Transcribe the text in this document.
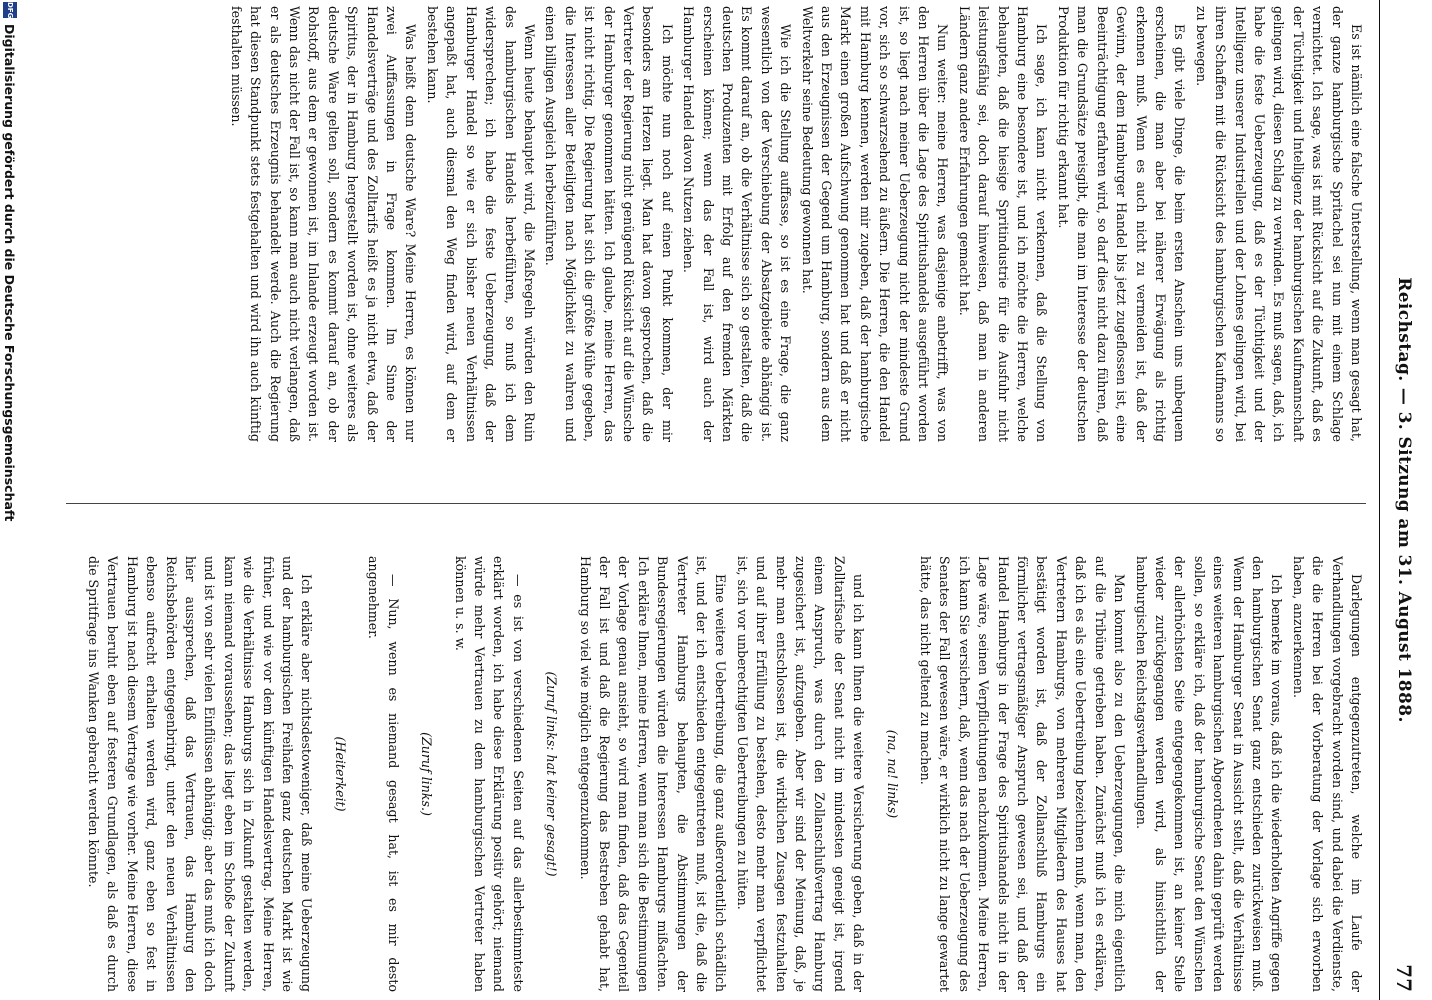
Reichstag. — 3. Sitzung am 31. August 1888.
77

Es ist nämlich eine falsche Unterstellung, wenn man gesagt hat, der ganze hamburgische Spritachel sei nun mit einem Schlage vernichtet. Ich sage, was ist mit Rücksicht auf die Zukunft, daß es der Tüchtigkeit und Intelligenz der hamburgischen Kaufmannschaft gelingen wird, diesen Schlag zu verwinden. Es muß sagen, daß, ich habe die feste Ueberzeugung, daß es der Tüchtigkeit und der Intelligenz unserer Industriellen und der Lohnes gelingen wird, bei ihren Schaffen mit die Rücksicht des hamburgischen Kaufmanns so zu bewegen.

Es gibt viele Dinge, die beim ersten Anschein uns unbequem erscheinen, die man aber bei näherer Erwägung als richtig erkennen muß. Wenn es auch nicht zu vermeiden ist, daß der Gewinn, der dem Hamburger Handel bis jetzt zugeflossen ist, eine Beeinträchtigung erfahren wird, so darf dies nicht dazu führen, daß man die Grundsätze preisgibt, die man im Interesse der deutschen Produktion für richtig erkannt hat.

Ich sage, ich kann nicht verkennen, daß die Stellung von Hamburg eine besondere ist, und ich möchte die Herren, welche behaupten, daß die hiesige Spritindustrie für die Ausfuhr nicht leistungsfähig sei, doch darauf hinweisen, daß man in anderen Ländern ganz andere Erfahrungen gemacht hat.

Nun weiter: meine Herren, was dasjenige anbetrifft, was von den Herren über die Lage des Spiritushandels ausgeführt worden ist, so liegt nach meiner Ueberzeugung nicht der mindeste Grund vor, sich so schwarzsehend zu äußern. Die Herren, die den Handel mit Hamburg kennen, werden mir zugeben, daß der hamburgische Markt einen großen Aufschwung genommen hat und daß er nicht aus den Erzeugnissen der Gegend um Hamburg, sondern aus dem Weltverkehr seine Bedeutung gewonnen hat.

Wie ich die Stellung auffasse, so ist es eine Frage, die ganz wesentlich von der Verschiebung der Absatzgebiete abhängig ist. Es kommt darauf an, ob die Verhältnisse sich so gestalten, daß die deutschen Produzenten mit Erfolg auf den fremden Märkten erscheinen können; wenn das der Fall ist, wird auch der Hamburger Handel davon Nutzen ziehen.

Ich möchte nun noch auf einen Punkt kommen, der mir besonders am Herzen liegt. Man hat davon gesprochen, daß die Vertreter der Regierung nicht genügend Rücksicht auf die Wünsche der Hamburger genommen hätten. Ich glaube, meine Herren, das ist nicht richtig. Die Regierung hat sich die größte Mühe gegeben, die Interessen aller Beteiligten nach Möglichkeit zu wahren und einen billigen Ausgleich herbeizuführen.

Wenn heute behauptet wird, die Maßregeln würden den Ruin des hamburgischen Handels herbeiführen, so muß ich dem widersprechen; ich habe die feste Ueberzeugung, daß der Hamburger Handel so wie er sich bisher neuen Verhältnissen angepaßt hat, auch diesmal den Weg finden wird, auf dem er bestehen kann.

Was heißt denn deutsche Ware? Meine Herren, es können nur zwei Auffassungen in Frage kommen. Im Sinne der Handelsverträge und des Zolltarifs heißt es ja nicht etwa, daß der Spiritus, der in Hamburg hergestellt worden ist, ohne weiteres als deutsche Ware gelten soll, sondern es kommt darauf an, ob der Rohstoff, aus dem er gewonnen ist, im Inlande erzeugt worden ist. Wenn das nicht der Fall ist, so kann man auch nicht verlangen, daß er als deutsches Erzeugnis behandelt werde. Auch die Regierung hat diesen Standpunkt stets festgehalten und wird ihn auch künftig festhalten müssen.

Darlegungen entgegenzutreten, welche im Laufe der Verhandlungen vorgebracht worden sind, und dabei die Verdienste, die die Herren bei der Vorberatung der Vorlage sich erworben haben, anzuerkennen.

Ich bemerke im voraus, daß ich die wiederholten Angriffe gegen den hamburgischen Senat ganz entschieden zurückweisen muß. Wenn der Hamburger Senat in Aussicht stellt, daß die Verhältnisse eines weiteren hamburgischen Abgeordneten dahin geprüft werden sollen, so erkläre ich, daß der hamburgische Senat den Wünschen der allerhöchsten Seite entgegengekommen ist, an keiner Stelle wieder zurückgegangen werden wird, als hinsichtlich der hamburgischen Reichstagsverhandlungen.

Man kommt also zu den Ueberzeugungen, die mich eigentlich auf die Tribüne getrieben haben. Zunächst muß ich es erklären, daß ich es als eine Uebertreibung bezeichnen muß, wenn man, den Vertretern Hamburgs, von mehreren Mitgliedern des Hauses hat bestätigt worden ist, daß der Zollanschluß Hamburgs ein förmlicher vertragsmäßiger Anspruch gewesen sei, und daß der Handel Hamburgs in der Frage des Spiritushandels nicht in der Lage wäre, seinen Verpflichtungen nachzukommen. Meine Herren, ich kann Sie versichern, daß, wenn das nach der Ueberzeugung des Senates der Fall gewesen wäre, er wirklich nicht zu lange gewartet hätte, das nicht geltend zu machen.

(na, na! links)

und ich kann Ihnen die weitere Versicherung geben, daß in der Zolltarifsache der Senat nicht im mindesten geneigt ist, irgend einem Anspruch, was durch den Zollanschlußvertrag Hamburg zugesichert ist, aufzugeben. Aber wir sind der Meinung, daß, je mehr man entschlossen ist, die wirklichen Zusagen festzuhalten und auf ihrer Erfüllung zu bestehen, desto mehr man verpflichtet ist, sich vor unberechtigten Uebertreibungen zu hüten.

Eine weitere Uebertreibung, die ganz außerordentlich schädlich ist, und der ich entschieden entgegentreten muß, ist die, daß die Vertreter Hamburgs behaupten, die Abstimmungen der Bundesregierungen würden die Interessen Hamburgs mißachten. Ich erkläre Ihnen, meine Herren, wenn man sich die Bestimmungen der Vorlage genau ansieht, so wird man finden, daß das Gegenteil der Fall ist und daß die Regierung das Bestreben gehabt hat, Hamburg so viel wie möglich entgegenzukommen.

(Zuruf links: hat keiner gesagt!)

— es ist von verschiedenen Seiten auf das allerbestimmteste erklärt worden, ich habe diese Erklärung positiv gehört; niemand würde mehr Vertrauen zu dem hamburgischen Vertreter haben können u. s. w.

(Zuruf links.)

— Nun, wenn es niemand gesagt hat, ist es mir desto angenehmer.

(Heiterkeit)

Ich erkläre aber nichtsdestoweniger, daß meine Ueberzeugung und der hamburgischen Freihafen ganz deutschen Markt ist wie früher, und wie vor dem künftigen Handelsvertrag. Meine Herren, wie die Verhältnisse Hamburgs sich in Zukunft gestalten werden, kann niemand voraussehen; das liegt eben im Schoße der Zukunft und ist von sehr vielen Einflüssen abhängig; aber das muß ich doch hier aussprechen, daß das Vertrauen, das Hamburg den Reichsbehörden entgegenbringt, unter den neuen Verhältnissen ebenso aufrecht erhalten werden wird, ganz eben so fest in Hamburg ist nach diesem Vertrage wie vorher. Meine Herren, diese Vertrauen beruht eben auf festeren Grundlagen, als daß es durch die Spritfrage ins Wanken gebracht werden könnte.

DFG
Digitalisierung gefördert durch die Deutsche Forschungsgemeinschaft
